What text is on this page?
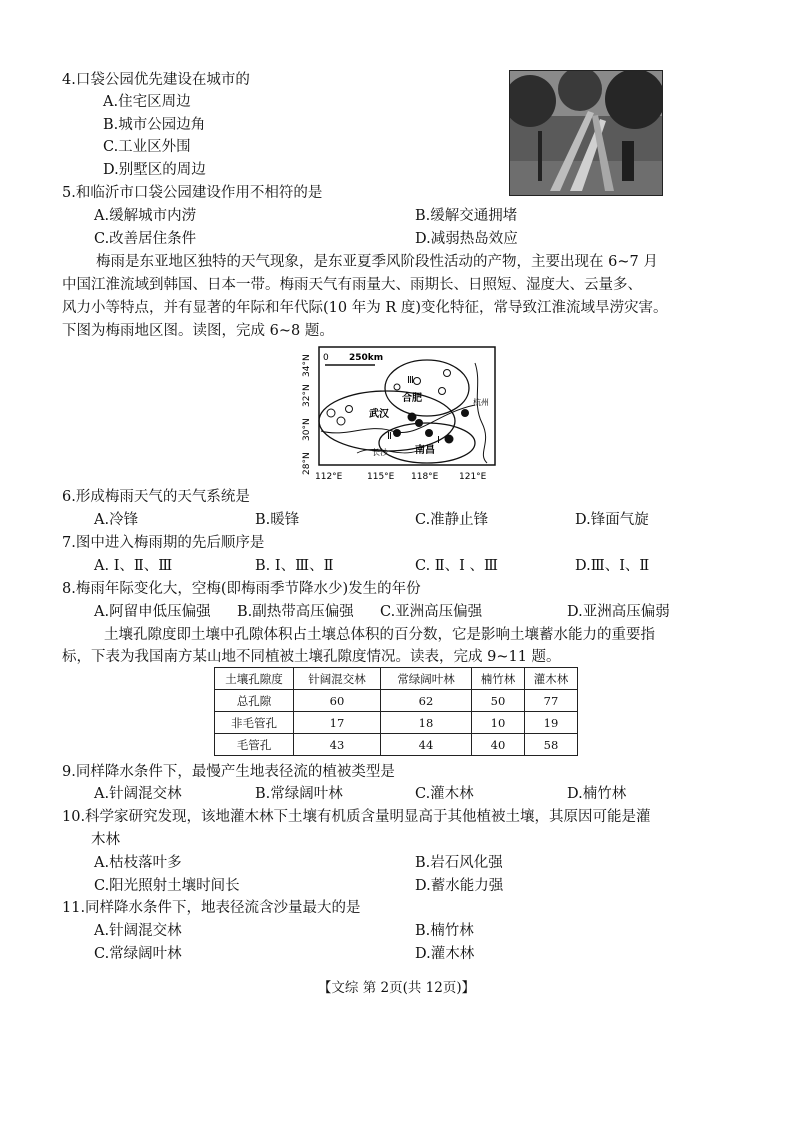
4.口袋公园优先建设在城市的
A.住宅区周边
B.城市公园边角
C.工业区外围
D.别墅区的周边
5.和临沂市口袋公园建设作用不相符的是
A.缓解城市内涝	B.缓解交通拥堵
C.改善居住条件	D.减弱热岛效应
梅雨是东亚地区独特的天气现象，是东亚夏季风阶段性活动的产物，主要出现在 6~7 月
中国江淮流域到韩国、日本一带。梅雨天气有雨量大、雨期长、日照短、湿度大、云量多、
风力小等特点，并有显著的年际和年代际(10 年为 R 度)变化特征，常导致江淮流域旱涝灾害。
下图为梅雨地区图。读图，完成 6~8 题。
0 250km
34°N
32°N
30°N
28°N
112°E	115°E 118°E 121°E
武汉
合肥
南昌
长沙
杭州
Ⅰ
Ⅱ
Ⅲ
6.形成梅雨天气的天气系统是
A.冷锋	B.暖锋	C.准静止锋	D.锋面气旋
7.图中进入梅雨期的先后顺序是
A. Ⅰ、Ⅱ、Ⅲ	B. Ⅰ、Ⅲ、Ⅱ	C. Ⅱ、Ⅰ 、Ⅲ	D.Ⅲ、Ⅰ、Ⅱ
8.梅雨年际变化大，空梅(即梅雨季节降水少)发生的年份
A.阿留申低压偏强 B.副热带高压偏强 C.亚洲高压偏强	D.亚洲高压偏弱
土壤孔隙度即土壤中孔隙体积占土壤总体积的百分数，它是影响土壤蓄水能力的重要指
标，下表为我国南方某山地不同植被土壤孔隙度情况。读表，完成 9~11 题。
土壤孔隙度	针阔混交林	常绿阔叶林	楠竹林	灌木林
总孔隙	60	62	50	77
非毛管孔	17	18	10	19
毛管孔	43	44	40	58
9.同样降水条件下，最慢产生地表径流的植被类型是
A.针阔混交林	B.常绿阔叶林	C.灌木林	D.楠竹林
10.科学家研究发现，该地灌木林下土壤有机质含量明显高于其他植被土壤，其原因可能是灌
木林
A.枯枝落叶多	B.岩石风化强
C.阳光照射土壤时间长	D.蓄水能力强
11.同样降水条件下，地表径流含沙量最大的是
A.针阔混交林	B.楠竹林
C.常绿阔叶林	D.灌木林
【文综 第 2页(共 12页)】
